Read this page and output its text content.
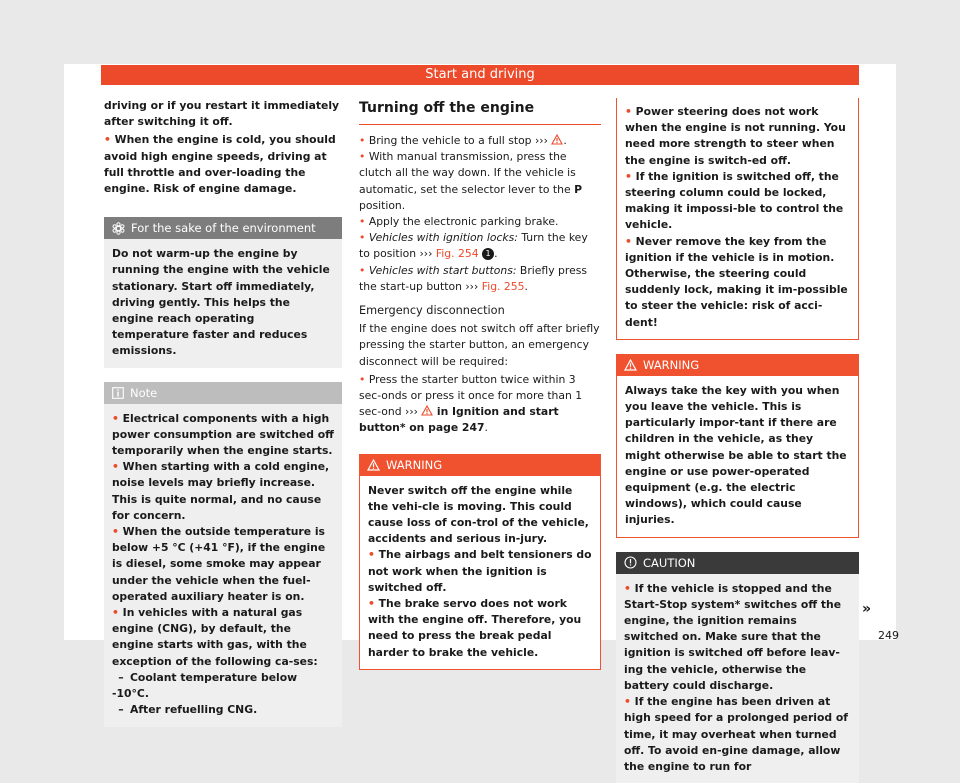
Start and driving

driving or if you restart it immediately after switching it off.

• When the engine is cold, you should avoid high engine speeds, driving at full throttle and over-loading the engine. Risk of engine damage.

For the sake of the environment
Do not warm-up the engine by running the engine with the vehicle stationary. Start off immediately, driving gently. This helps the engine reach operating temperature faster and reduces emissions.
Note

• Electrical components with a high power consumption are switched off temporarily when the engine starts.

• When starting with a cold engine, noise levels may briefly increase. This is quite normal, and no cause for concern.

• When the outside temperature is below +5 °C (+41 °F), if the engine is diesel, some smoke may appear under the vehicle when the fuel-operated auxiliary heater is on.

• In vehicles with a natural gas engine (CNG), by default, the engine starts with gas, with the exception of the following ca-ses:

– Coolant temperature below -10°C.

– After refuelling CNG.

Turning off the engine

• Bring the vehicle to a full stop ››› .

• With manual transmission, press the clutch all the way down. If the vehicle is automatic, set the selector lever to the P position.

• Apply the electronic parking brake.

• Vehicles with ignition locks: Turn the key to position ››› Fig. 254 1 .

• Vehicles with start buttons: Briefly press the start-up button ››› Fig. 255.

Emergency disconnection

If the engine does not switch off after briefly pressing the starter button, an emergency disconnect will be required:

• Press the starter button twice within 3 sec-onds or press it once for more than 1 sec-ond ›››  in Ignition and start button* on page 247.

WARNING

Never switch off the engine while the vehi-cle is moving. This could cause loss of con-trol of the vehicle, accidents and serious in-jury.

• The airbags and belt tensioners do not work when the ignition is switched off.

• The brake servo does not work with the engine off. Therefore, you need to press the break pedal harder to brake the vehicle.

• Power steering does not work when the engine is not running. You need more strength to steer when the engine is switch-ed off.

• If the ignition is switched off, the steering column could be locked, making it impossi-ble to control the vehicle.

• Never remove the key from the ignition if the vehicle is in motion. Otherwise, the steering could suddenly lock, making it im-possible to steer the vehicle: risk of acci-dent!

WARNING
Always take the key with you when you leave the vehicle. This is particularly impor-tant if there are children in the vehicle, as they might otherwise be able to start the engine or use power-operated equipment (e.g. the electric windows), which could cause injuries.
CAUTION

• If the vehicle is stopped and the Start-Stop system* switches off the engine, the ignition remains switched on. Make sure that the ignition is switched off before leav-ing the vehicle, otherwise the battery could discharge.

• If the engine has been driven at high speed for a prolonged period of time, it may overheat when turned off. To avoid en-gine damage, allow the engine to run for

»
249
